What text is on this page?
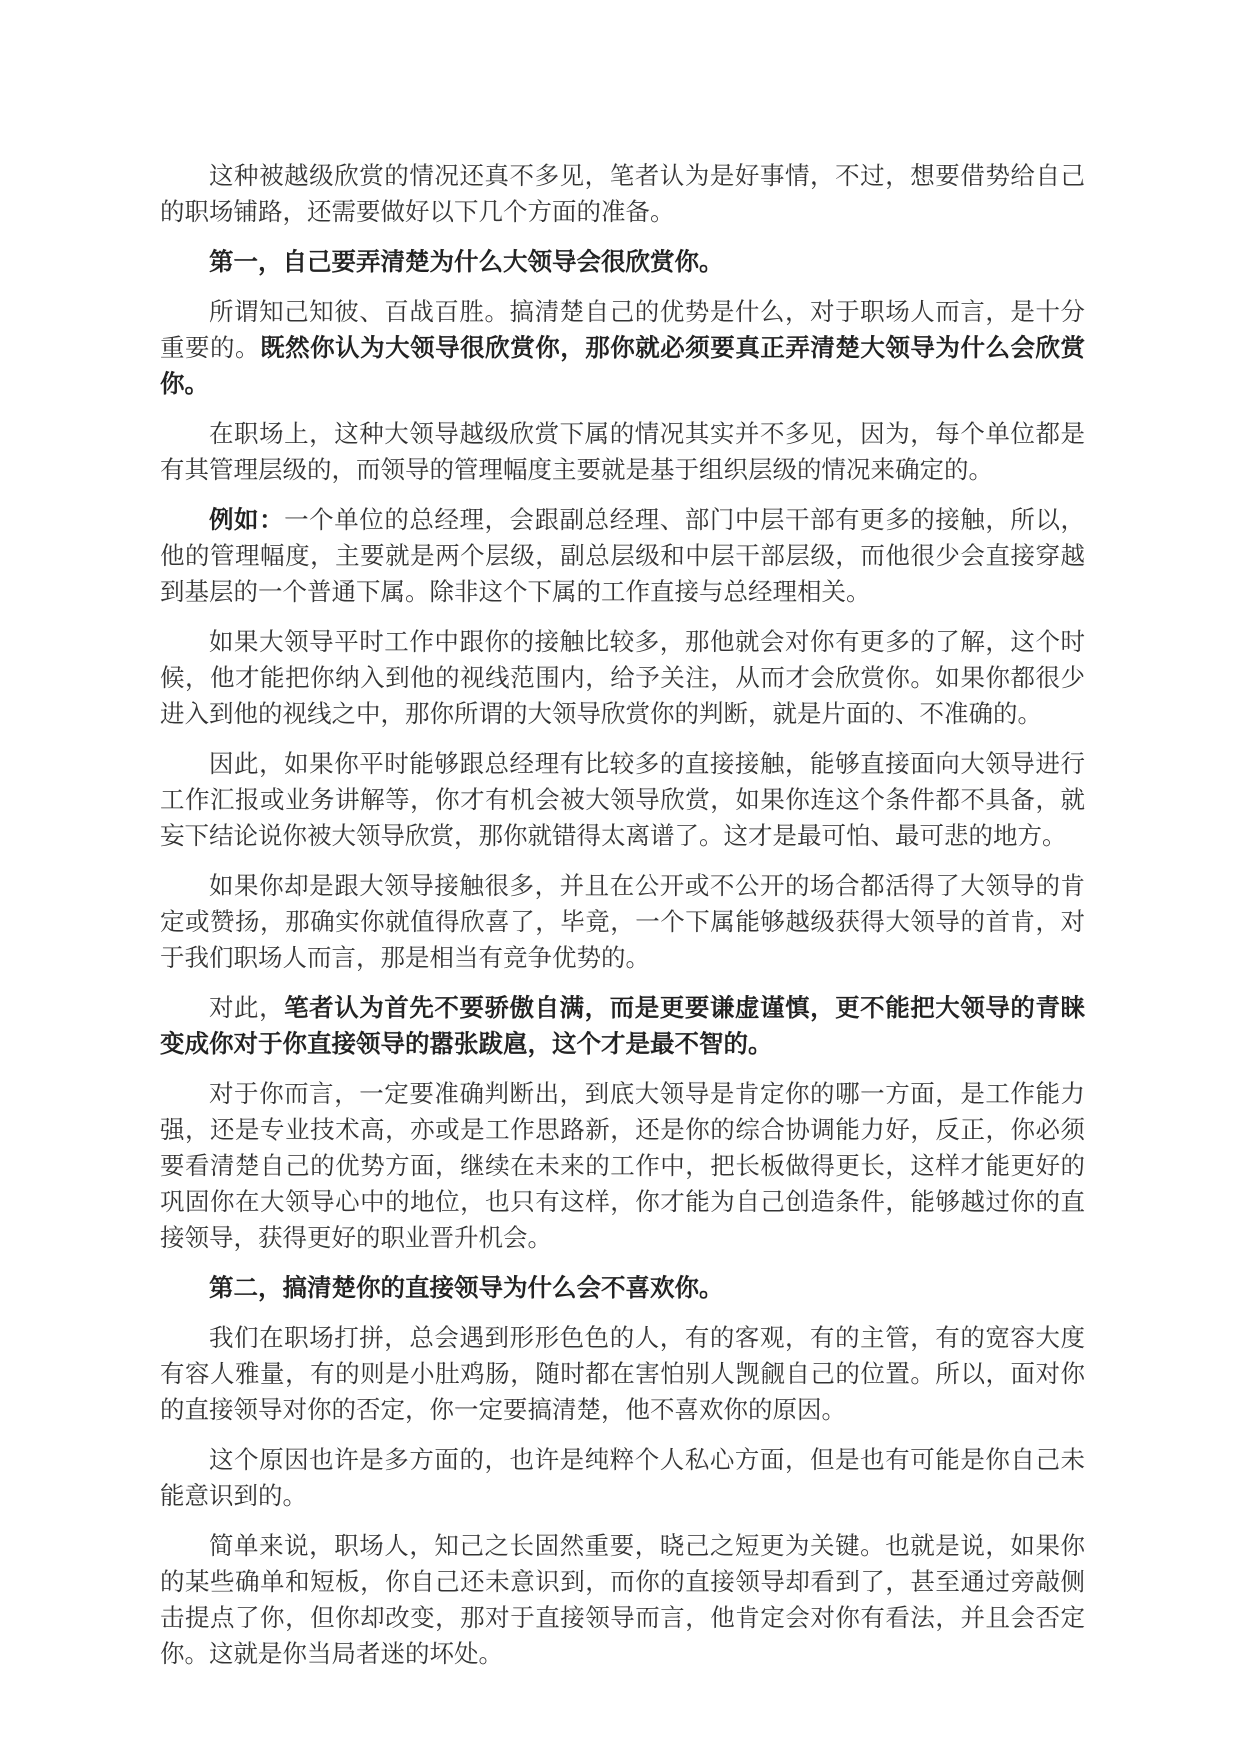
这种被越级欣赏的情况还真不多见，笔者认为是好事情，不过，想要借势给自己的职场铺路，还需要做好以下几个方面的准备。

第一，自己要弄清楚为什么大领导会很欣赏你。

所谓知己知彼、百战百胜。搞清楚自己的优势是什么，对于职场人而言，是十分重要的。既然你认为大领导很欣赏你，那你就必须要真正弄清楚大领导为什么会欣赏你。

在职场上，这种大领导越级欣赏下属的情况其实并不多见，因为，每个单位都是有其管理层级的，而领导的管理幅度主要就是基于组织层级的情况来确定的。

例如：一个单位的总经理，会跟副总经理、部门中层干部有更多的接触，所以，他的管理幅度，主要就是两个层级，副总层级和中层干部层级，而他很少会直接穿越到基层的一个普通下属。除非这个下属的工作直接与总经理相关。

如果大领导平时工作中跟你的接触比较多，那他就会对你有更多的了解，这个时候，他才能把你纳入到他的视线范围内，给予关注，从而才会欣赏你。如果你都很少进入到他的视线之中，那你所谓的大领导欣赏你的判断，就是片面的、不准确的。

因此，如果你平时能够跟总经理有比较多的直接接触，能够直接面向大领导进行工作汇报或业务讲解等，你才有机会被大领导欣赏，如果你连这个条件都不具备，就妄下结论说你被大领导欣赏，那你就错得太离谱了。这才是最可怕、最可悲的地方。

如果你却是跟大领导接触很多，并且在公开或不公开的场合都活得了大领导的肯定或赞扬，那确实你就值得欣喜了，毕竟，一个下属能够越级获得大领导的首肯，对于我们职场人而言，那是相当有竞争优势的。

对此，笔者认为首先不要骄傲自满，而是更要谦虚谨慎，更不能把大领导的青睐变成你对于你直接领导的嚣张跋扈，这个才是最不智的。

对于你而言，一定要准确判断出，到底大领导是肯定你的哪一方面，是工作能力强，还是专业技术高，亦或是工作思路新，还是你的综合协调能力好，反正，你必须要看清楚自己的优势方面，继续在未来的工作中，把长板做得更长，这样才能更好的巩固你在大领导心中的地位，也只有这样，你才能为自己创造条件，能够越过你的直接领导，获得更好的职业晋升机会。

第二，搞清楚你的直接领导为什么会不喜欢你。

我们在职场打拼，总会遇到形形色色的人，有的客观，有的主管，有的宽容大度有容人雅量，有的则是小肚鸡肠，随时都在害怕别人觊觎自己的位置。所以，面对你的直接领导对你的否定，你一定要搞清楚，他不喜欢你的原因。

这个原因也许是多方面的，也许是纯粹个人私心方面，但是也有可能是你自己未能意识到的。

简单来说，职场人，知己之长固然重要，晓己之短更为关键。也就是说，如果你的某些确单和短板，你自己还未意识到，而你的直接领导却看到了，甚至通过旁敲侧击提点了你，但你却改变，那对于直接领导而言，他肯定会对你有看法，并且会否定你。这就是你当局者迷的坏处。
